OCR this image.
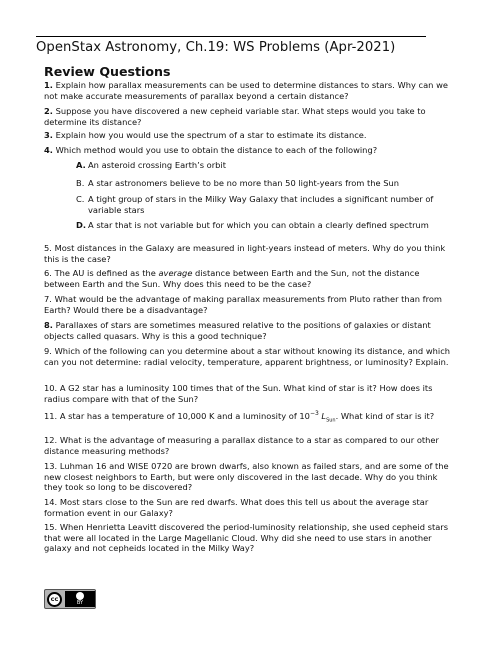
OpenStax Astronomy, Ch.19: WS Problems (Apr-2021)
Review Questions
1. Explain how parallax measurements can be used to determine distances to stars. Why can we not make accurate measurements of parallax beyond a certain distance?
2. Suppose you have discovered a new cepheid variable star. What steps would you take to determine its distance?
3. Explain how you would use the spectrum of a star to estimate its distance.
4. Which method would you use to obtain the distance to each of the following?
A. An asteroid crossing Earth’s orbit
B. A star astronomers believe to be no more than 50 light-years from the Sun
C. A tight group of stars in the Milky Way Galaxy that includes a significant number of variable stars
D. A star that is not variable but for which you can obtain a clearly defined spectrum
5. Most distances in the Galaxy are measured in light-years instead of meters. Why do you think this is the case?
6. The AU is defined as the average distance between Earth and the Sun, not the distance between Earth and the Sun. Why does this need to be the case?
7. What would be the advantage of making parallax measurements from Pluto rather than from Earth? Would there be a disadvantage?
8. Parallaxes of stars are sometimes measured relative to the positions of galaxies or distant objects called quasars. Why is this a good technique?
9. Which of the following can you determine about a star without knowing its distance, and which can you not determine: radial velocity, temperature, apparent brightness, or luminosity? Explain.
10. A G2 star has a luminosity 100 times that of the Sun. What kind of star is it? How does its radius compare with that of the Sun?
11. A star has a temperature of 10,000 K and a luminosity of $10^{-3}$ $L_{Sun}$. What kind of star is it?
12. What is the advantage of measuring a parallax distance to a star as compared to our other distance measuring methods?
13. Luhman 16 and WISE 0720 are brown dwarfs, also known as failed stars, and are some of the new closest neighbors to Earth, but were only discovered in the last decade. Why do you think they took so long to be discovered?
14. Most stars close to the Sun are red dwarfs. What does this tell us about the average star formation event in our Galaxy?
15. When Henrietta Leavitt discovered the period-luminosity relationship, she used cepheid stars that were all located in the Large Magellanic Cloud. Why did she need to use stars in another galaxy and not cepheids located in the Milky Way?
cc	BY
